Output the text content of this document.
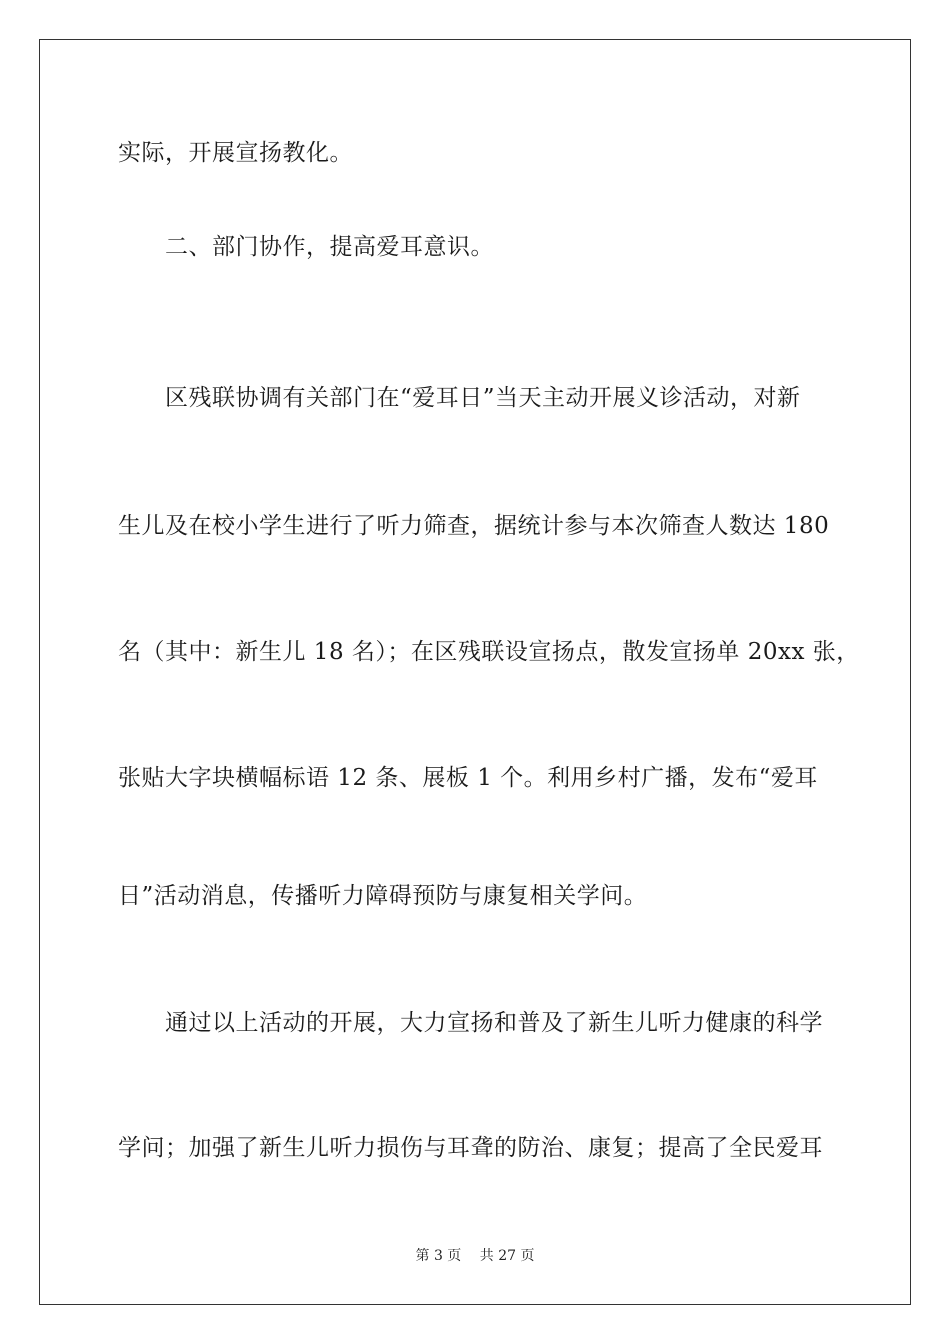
实际，开展宣扬教化。
　　二、部门协作，提高爱耳意识。
　　区残联协调有关部门在“爱耳日”当天主动开展义诊活动，对新
生儿及在校小学生进行了听力筛查，据统计参与本次筛查人数达 180
名（其中：新生儿 18 名）；在区残联设宣扬点，散发宣扬单 20xx 张，
张贴大字块横幅标语 12 条、展板 1 个。利用乡村广播，发布“爱耳
日”活动消息，传播听力障碍预防与康复相关学问。
　　通过以上活动的开展，大力宣扬和普及了新生儿听力健康的科学
学问；加强了新生儿听力损伤与耳聋的防治、康复；提高了全民爱耳
第 3 页　 共 27 页
